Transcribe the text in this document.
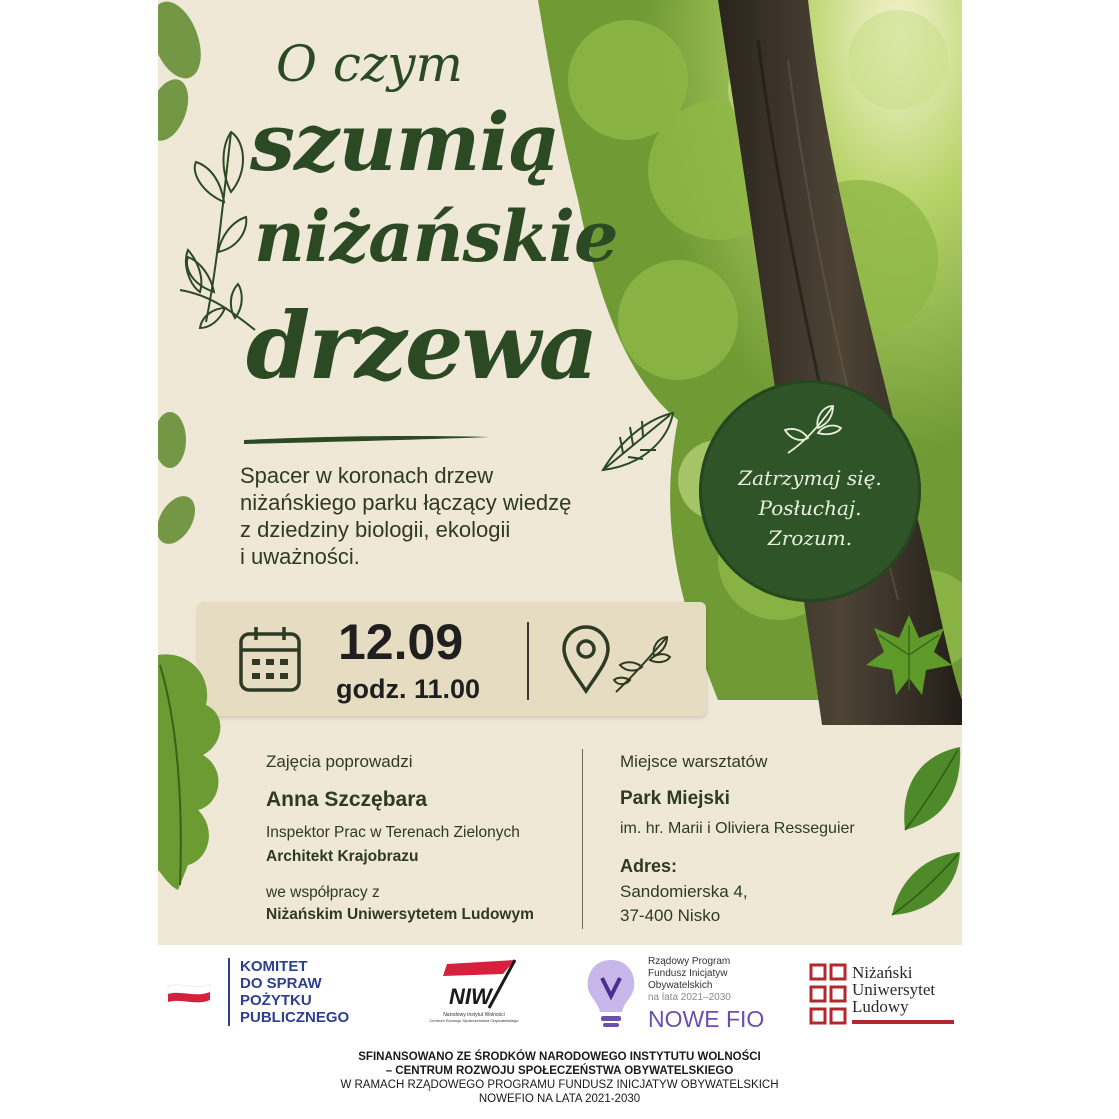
O czym
szumią
niżańskie
drzewa
Spacer w koronach drzew
niżańskiego parku łączący wiedzę
z dziedziny biologii, ekologii
i uważności.
Zatrzymaj się.
Posłuchaj.
Zrozum.
12.09
godz. 11.00
Zajęcia poprowadzi
Anna Szczębara
Inspektor Prac w Terenach Zielonych
Architekt Krajobrazu
we współpracy z
Niżańskim Uniwersytetem Ludowym
Miejsce warsztatów
Park Miejski
im. hr. Marii i Oliviera Resseguier
Adres:
Sandomierska 4,
37-400 Nisko
KOMITET
DO SPRAW
POŻYTKU
PUBLICZNEGO
NIW
Narodowy Instytut Wolności
Centrum Rozwoju Społeczeństwa Obywatelskiego
Rządowy Program
Fundusz Inicjatyw
Obywatelskich
na lata 2021–2030
NOWE FIO
Niżański
Uniwersytet
Ludowy
SFINANSOWANO ZE ŚRODKÓW NARODOWEGO INSTYTUTU WOLNOŚCI
– CENTRUM ROZWOJU SPOŁECZEŃSTWA OBYWATELSKIEGO
W RAMACH RZĄDOWEGO PROGRAMU FUNDUSZ INICJATYW OBYWATELSKICH
NOWEFIO NA LATA 2021-2030
